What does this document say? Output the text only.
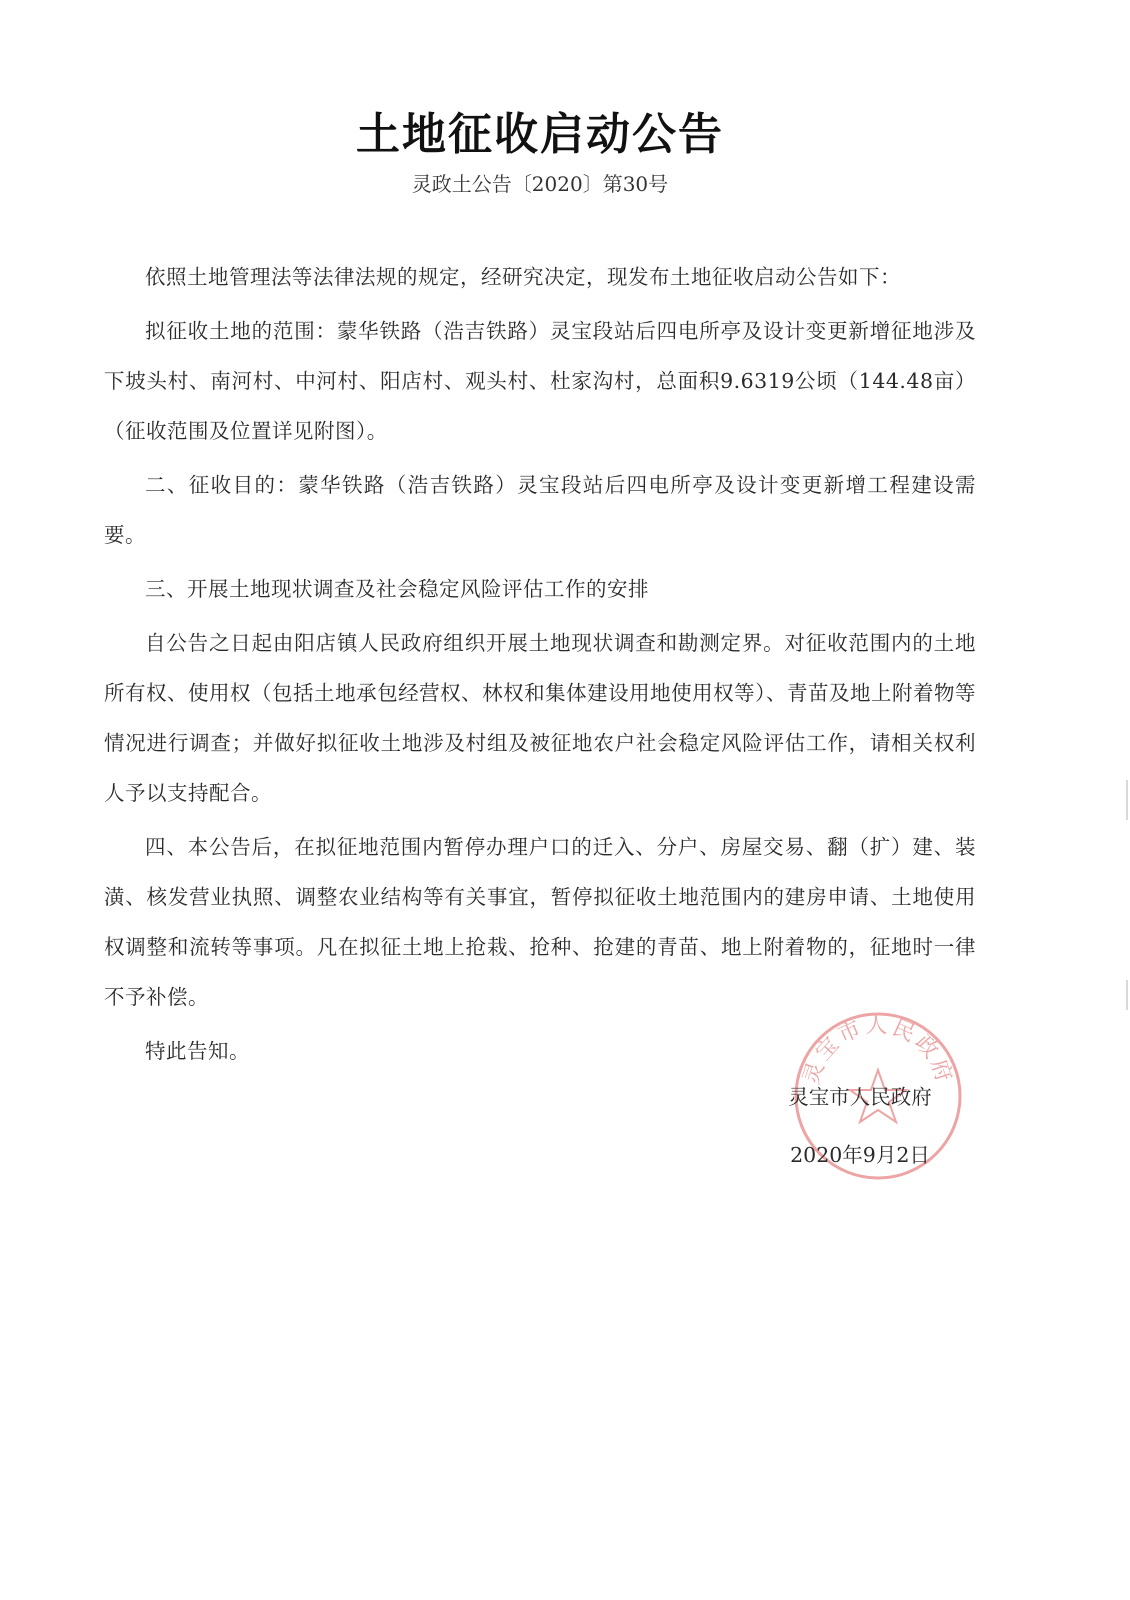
土地征收启动公告
灵政土公告〔2020〕第30号

依照土地管理法等法律法规的规定，经研究决定，现发布土地征收启动公告如下：

拟征收土地的范围：蒙华铁路（浩吉铁路）灵宝段站后四电所亭及设计变更新增征地涉及下坡头村、南河村、中河村、阳店村、观头村、杜家沟村，总面积9.6319公顷（144.48亩）（征收范围及位置详见附图）。

二、征收目的：蒙华铁路（浩吉铁路）灵宝段站后四电所亭及设计变更新增工程建设需要。

三、开展土地现状调查及社会稳定风险评估工作的安排

自公告之日起由阳店镇人民政府组织开展土地现状调查和勘测定界。对征收范围内的土地所有权、使用权（包括土地承包经营权、林权和集体建设用地使用权等）、青苗及地上附着物等情况进行调查；并做好拟征收土地涉及村组及被征地农户社会稳定风险评估工作，请相关权利人予以支持配合。

四、本公告后，在拟征地范围内暂停办理户口的迁入、分户、房屋交易、翻（扩）建、装潢、核发营业执照、调整农业结构等有关事宜，暂停拟征收土地范围内的建房申请、土地使用权调整和流转等事项。凡在拟征土地上抢栽、抢种、抢建的青苗、地上附着物的，征地时一律不予补偿。

特此告知。

灵宝市人民政府
灵宝市人民政府
2020年9月2日
